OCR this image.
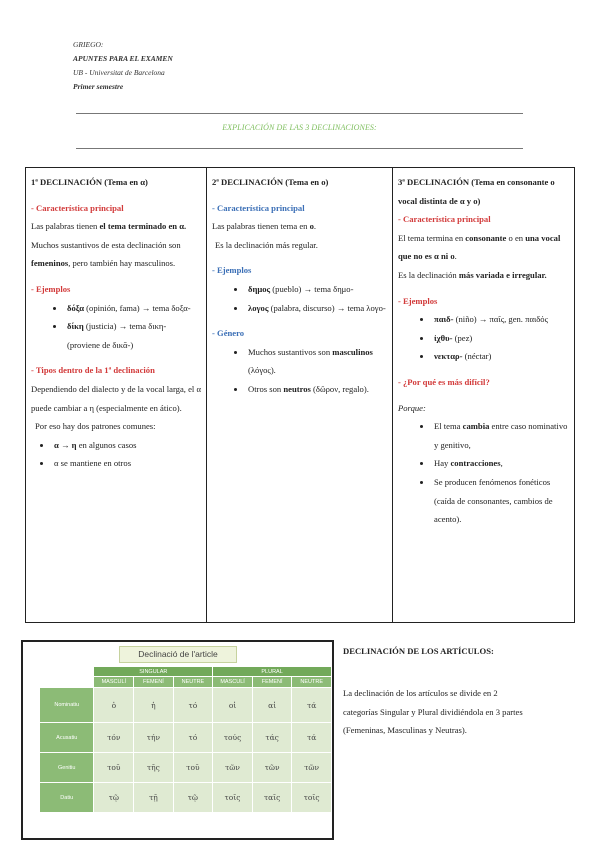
GRIEGO:
APUNTES PARA EL EXAMEN
UB - Universitat de Barcelona
Primer semestre
EXPLICACIÓN DE LAS 3 DECLINACIONES:

1ª DECLINACIÓN (Tema en α)

- Característica principal

Las palabras tienen el tema terminado en α.

Muchos sustantivos de esta declinación son femeninos, pero también hay masculinos.

- Ejemplos

• δόξα (opinión, fama) → tema δοξα-
• δίκη (justicia) → tema δικη- (proviene de δικᾱ-)

- Tipos dentro de la 1ª declinación

Dependiendo del dialecto y de la vocal larga, el α puede cambiar a η (especialmente en ático).

Por eso hay dos patrones comunes:

• α → η en algunos casos
• α se mantiene en otros

2ª DECLINACIÓN (Tema en o)

- Característica principal

Las palabras tienen tema en o.

Es la declinación más regular.

- Ejemplos

• δημος (pueblo) → tema δημο-
• λογος (palabra, discurso) → tema λογο-

- Género

• Muchos sustantivos son masculinos (λόγος).
• Otros son neutros (δῶρον, regalo).

3ª DECLINACIÓN (Tema en consonante o vocal distinta de α y ο)

- Característica principal

El tema termina en consonante o en una vocal que no es α ni ο.

Es la declinación más variada e irregular.

- Ejemplos

• παιδ- (niño) → παῖς, gen. παιδός
• ἰχθυ- (pez)
• νεκταρ- (néctar)

- ¿Por qué es más difícil?

Porque:

• El tema cambia entre caso nominativo y genitivo,
• Hay contracciones,
• Se producen fenómenos fonéticos (caída de consonantes, cambios de acento).
Declinació de l'article
	SINGULAR			PLURAL		
	MASCULÍ	FEMENÍ	NEUTRE	MASCULÍ	FEMENÍ	NEUTRE
Nominatiu	ὁ	ἡ	τό	οἱ	αἱ	τά
Acusatiu	τόν	τήν	τό	τούς	τάς	τά
Genitiu	τοῦ	τῆς	τοῦ	τῶν	τῶν	τῶν
Datiu	τῷ	τῇ	τῷ	τοῖς	ταῖς	τοῖς
DECLINACIÓN DE LOS ARTÍCULOS:
La declinación de los artículos se divide en 2 categorías Singular y Plural dividiéndola en 3 partes (Femeninas, Masculinas y Neutras).
